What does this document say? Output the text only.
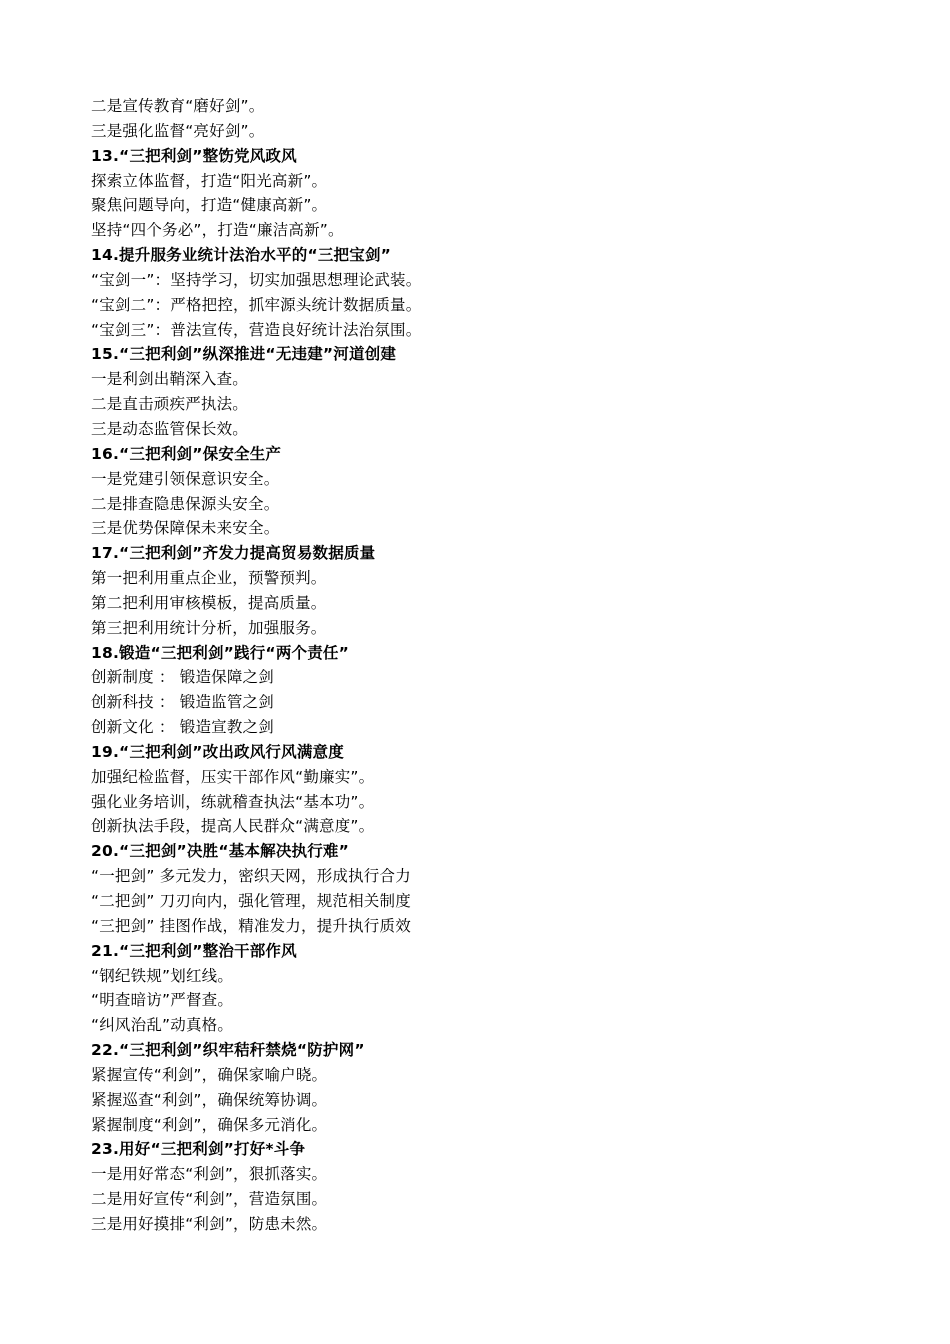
二是宣传教育“磨好剑”。
三是强化监督“亮好剑”。
13.“三把利剑”整饬党风政风
探索立体监督，打造“阳光高新”。
聚焦问题导向，打造“健康高新”。
坚持“四个务必”，打造“廉洁高新”。
14.提升服务业统计法治水平的“三把宝剑”
“宝剑一”：坚持学习，切实加强思想理论武装。
“宝剑二”：严格把控，抓牢源头统计数据质量。
“宝剑三”：普法宣传，营造良好统计法治氛围。
15.“三把利剑”纵深推进“无违建”河道创建
一是利剑出鞘深入查。
二是直击顽疾严执法。
三是动态监管保长效。
16.“三把利剑”保安全生产
一是党建引领保意识安全。
二是排查隐患保源头安全。
三是优势保障保未来安全。
17.“三把利剑”齐发力提高贸易数据质量
第一把利用重点企业，预警预判。
第二把利用审核模板，提高质量。
第三把利用统计分析，加强服务。
18.锻造“三把利剑”践行“两个责任”
创新制度 ： 锻造保障之剑
创新科技 ： 锻造监管之剑
创新文化 ： 锻造宣教之剑
19.“三把利剑”改出政风行风满意度
加强纪检监督，压实干部作风“勤廉实”。
强化业务培训，练就稽查执法“基本功”。
创新执法手段，提高人民群众“满意度”。
20.“三把剑”决胜“基本解决执行难”
“一把剑” 多元发力，密织天网，形成执行合力
“二把剑” 刀刃向内，强化管理，规范相关制度
“三把剑” 挂图作战，精准发力，提升执行质效
21.“三把利剑”整治干部作风
“钢纪铁规”划红线。
“明查暗访”严督查。
“纠风治乱”动真格。
22.“三把利剑”织牢秸秆禁烧“防护网”
紧握宣传“利剑”，确保家喻户晓。
紧握巡查“利剑”，确保统筹协调。
紧握制度“利剑”，确保多元消化。
23.用好“三把利剑”打好*斗争
一是用好常态“利剑”，狠抓落实。
二是用好宣传“利剑”，营造氛围。
三是用好摸排“利剑”，防患未然。
